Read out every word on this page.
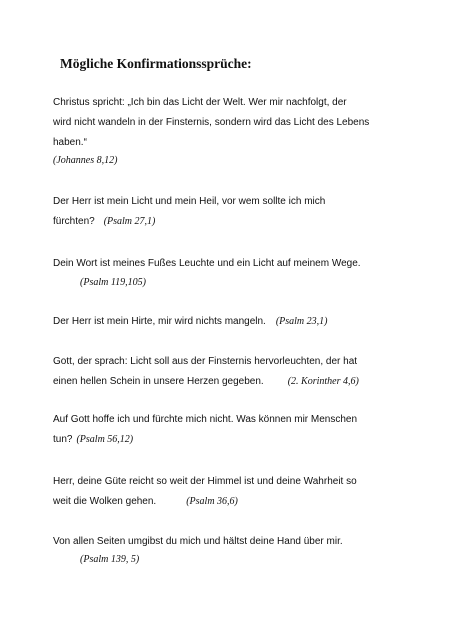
Mögliche Konfirmationssprüche:
Christus spricht: „Ich bin das Licht der Welt. Wer mir nachfolgt, der
wird nicht wandeln in der Finsternis, sondern wird das Licht des Lebens
haben.“
(Johannes 8,12)
Der Herr ist mein Licht und mein Heil, vor wem sollte ich mich
fürchten? (Psalm 27,1)
Dein Wort ist meines Fußes Leuchte und ein Licht auf meinem Wege.
(Psalm 119,105)
Der Herr ist mein Hirte, mir wird nichts mangeln. (Psalm 23,1)
Gott, der sprach: Licht soll aus der Finsternis hervorleuchten, der hat
einen hellen Schein in unsere Herzen gegeben. (2. Korinther 4,6)
Auf Gott hoffe ich und fürchte mich nicht. Was können mir Menschen
tun? (Psalm 56,12)
Herr, deine Güte reicht so weit der Himmel ist und deine Wahrheit so
weit die Wolken gehen.	(Psalm 36,6)
Von allen Seiten umgibst du mich und hältst deine Hand über mir.
(Psalm 139, 5)
